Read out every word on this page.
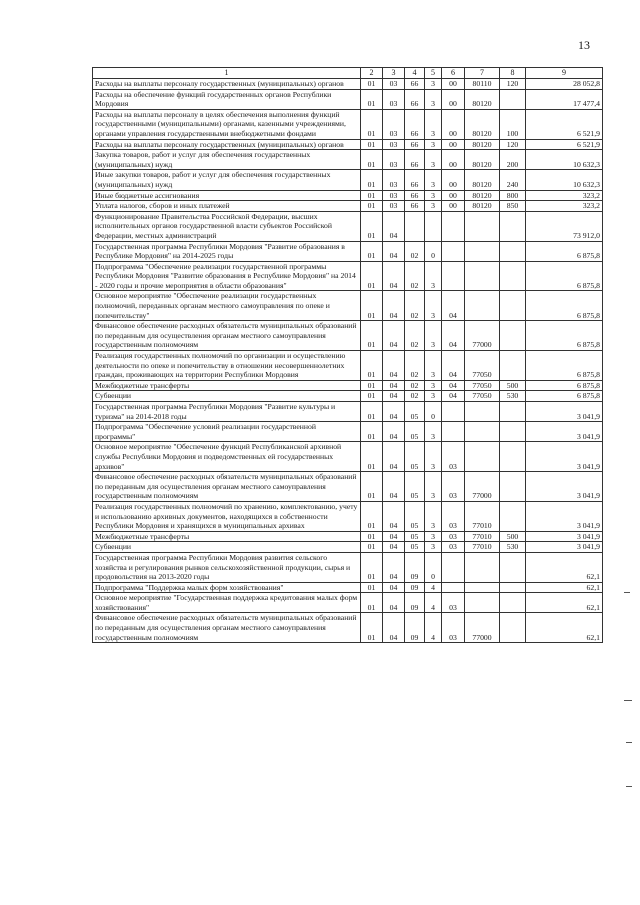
13
1	2	3	4	5	6	7	8	9
Расходы на выплаты персоналу государственных (муниципальных) органов	01	03	66	3	00	80110	120	28 052,8
Расходы на обеспечение функций государственных органов Республики Мордовия	01	03	66	3	00	80120		17 477,4
Расходы на выплаты персоналу в целях обеспечения выполнения функций государственными (муниципальными) органами, казенными учреждениями, органами управления государственными внебюджетными фондами	01	03	66	3	00	80120	100	6 521,9
Расходы на выплаты персоналу государственных (муниципальных) органов	01	03	66	3	00	80120	120	6 521,9
Закупка товаров, работ и услуг для обеспечения государственных (муниципальных) нужд	01	03	66	3	00	80120	200	10 632,3
Иные закупки товаров, работ и услуг для обеспечения государственных (муниципальных) нужд	01	03	66	3	00	80120	240	10 632,3
Иные бюджетные ассигнования	01	03	66	3	00	80120	800	323,2
Уплата налогов, сборов и иных платежей	01	03	66	3	00	80120	850	323,2
Функционирование Правительства Российской Федерации, высших исполнительных органов государственной власти субъектов Российской Федерации, местных администраций	01	04						73 912,0
Государственная программа Республики Мордовия "Развитие образования в Республике Мордовия" на 2014-2025 годы	01	04	02	0				6 875,8
Подпрограмма "Обеспечение реализации государственной программы Республики Мордовия "Развитие образования в Республике Мордовия" на 2014 - 2020 годы и прочие мероприятия в области образования"	01	04	02	3				6 875,8
Основное мероприятие "Обеспечение реализации государственных полномочий, переданных органам местного самоуправления по опеке и попечительству"	01	04	02	3	04			6 875,8
Финансовое обеспечение расходных обязательств муниципальных образований по переданным для осуществления органам местного самоуправления государственным полномочиям	01	04	02	3	04	77000		6 875,8
Реализация государственных полномочий по организации и осуществлению деятельности по опеке и попечительству в отношении несовершеннолетних граждан, проживающих на территории Республики Мордовия	01	04	02	3	04	77050		6 875,8
Межбюджетные трансферты	01	04	02	3	04	77050	500	6 875,8
Субвенции	01	04	02	3	04	77050	530	6 875,8
Государственная программа Республики Мордовия "Развитие культуры и туризма" на 2014-2018 годы	01	04	05	0				3 041,9
Подпрограмма "Обеспечение условий реализации государственной программы"	01	04	05	3				3 041,9
Основное мероприятие "Обеспечение функций Республиканской архивной службы Республики Мордовия и подведомственных ей государственных архивов"	01	04	05	3	03			3 041,9
Финансовое обеспечение расходных обязательств муниципальных образований по переданным для осуществления органам местного самоуправления государственным полномочиям	01	04	05	3	03	77000		3 041,9
Реализация государственных полномочий по хранению, комплектованию, учету и использованию архивных документов, находящихся в собственности Республики Мордовия и хранящихся в муниципальных архивах	01	04	05	3	03	77010		3 041,9
Межбюджетные трансферты	01	04	05	3	03	77010	500	3 041,9
Субвенции	01	04	05	3	03	77010	530	3 041,9
Государственная программа Республики Мордовия развития сельского хозяйства и регулирования рынков сельскохозяйственной продукции, сырья и продовольствия на 2013-2020 годы	01	04	09	0				62,1
Подпрограмма "Поддержка малых форм хозяйствования"	01	04	09	4				62,1
Основное мероприятие "Государственная поддержка кредитования малых форм хозяйствования"	01	04	09	4	03			62,1
Финансовое обеспечение расходных обязательств муниципальных образований по переданным для осуществления органам местного самоуправления государственным полномочиям	01	04	09	4	03	77000		62,1
